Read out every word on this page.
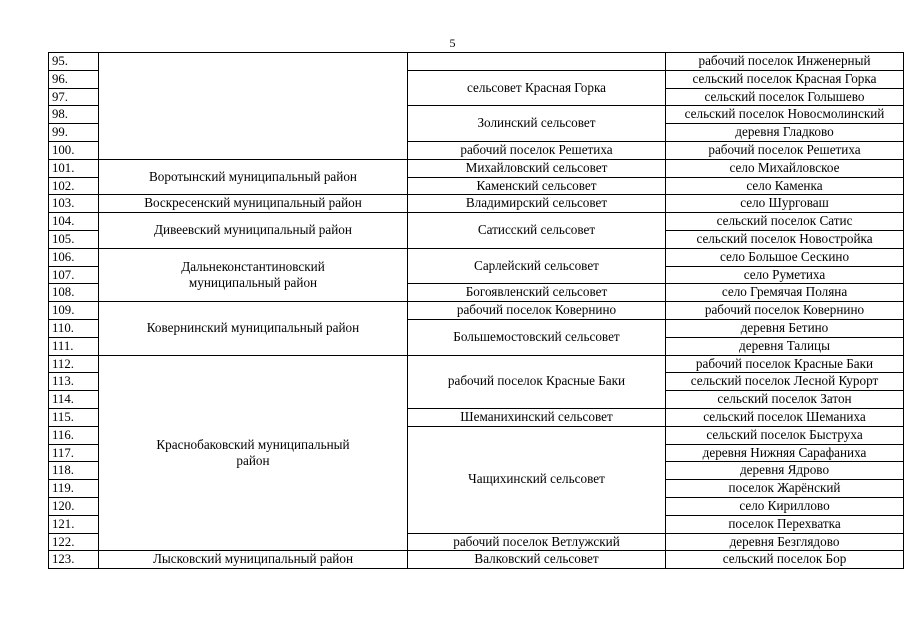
5
95.			рабочий поселок Инженерный
96.		сельсовет Красная Горка	сельский поселок Красная Горка
97.			сельский поселок Голышево
98.		Золинский сельсовет	сельский поселок Новосмолинский
99.			деревня Гладково
100.		рабочий поселок Решетиха	рабочий поселок Решетиха
101.	Воротынский муниципальный район	Михайловский сельсовет	село Михайловское
102.		Каменский сельсовет	село Каменка
103.	Воскресенский муниципальный район	Владимирский сельсовет	село Шурговаш
104.	Дивеевский муниципальный район	Сатисский сельсовет	сельский поселок Сатис
105.			сельский поселок Новостройка
106.	Дальнеконстантиновский муниципальный район	Сарлейский сельсовет	село Большое Сескино
107.			село Руметиха
108.		Богоявленский сельсовет	село Гремячая Поляна
109.	Ковернинский муниципальный район	рабочий поселок Ковернино	рабочий поселок Ковернино
110.		Большемостовский сельсовет	деревня Бетино
111.			деревня Талицы
112.	Краснобаковский муниципальный район	рабочий поселок Красные Баки	рабочий поселок Красные Баки
113.			сельский поселок Лесной Курорт
114.			сельский поселок Затон
115.		Шеманихинский сельсовет	сельский поселок Шеманиха
116.		Чащихинский сельсовет	сельский поселок Быструха
117.			деревня Нижняя Сарафаниха
118.			деревня Ядрово
119.			поселок Жарёнский
120.			село Кириллово
121.			поселок Перехватка
122.		рабочий поселок Ветлужский	деревня Безглядово
123.	Лысковский муниципальный район	Валковский сельсовет	сельский поселок Бор
